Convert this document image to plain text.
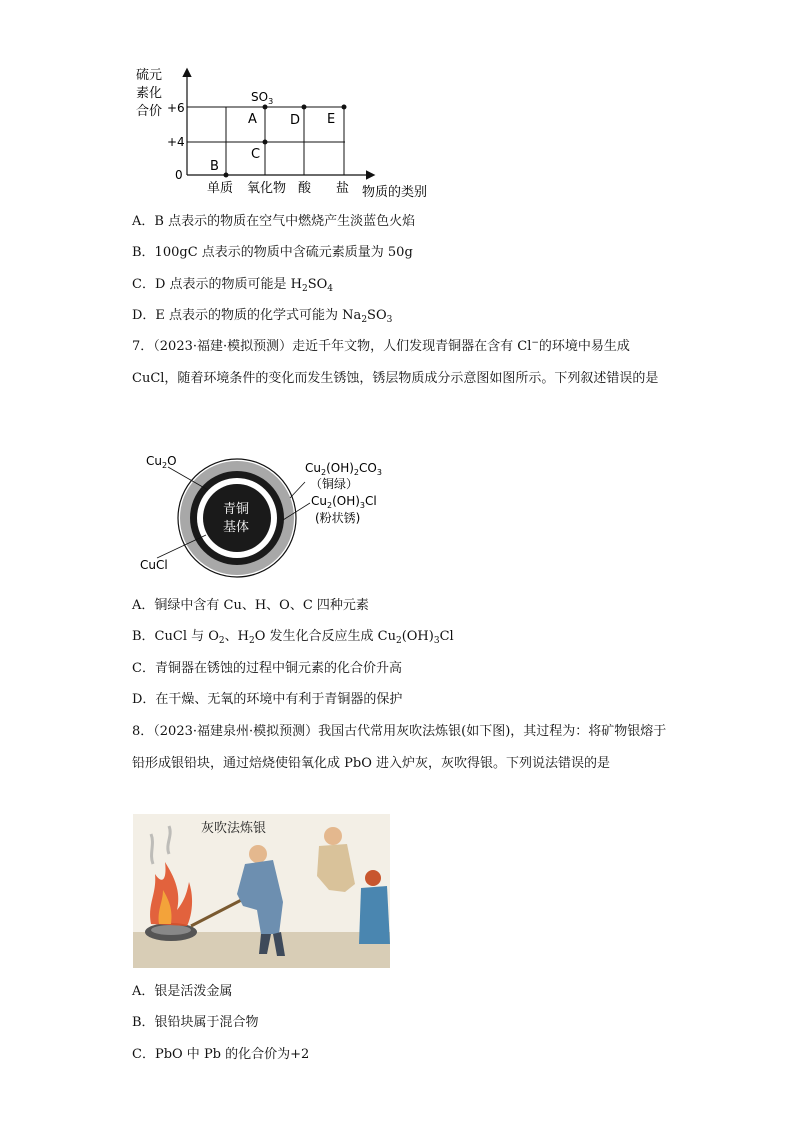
硫元
素化
合价 +6
+4
0
单质 氧化物 酸 盐 物质的类别
$SO_3$
A
B
C
D E
A．B 点表示的物质在空气中燃烧产生淡蓝色火焰
B．100gC 点表示的物质中含硫元素质量为 50g
C．D 点表示的物质可能是 $H_2SO_4$
D．E 点表示的物质的化学式可能为 $Na_2SO_3$
7．（2023·福建·模拟预测）走近千年文物，人们发现青铜器在含有 Cl−的环境中易生成 CuCl，随着环境条件的变化而发生锈蚀，锈层物质成分示意图如图所示。下列叙述错误的是
青铜
基体
$Cu_2O$
CuCl
$Cu_2(OH)_2CO_3$
（铜绿）
$Cu_2(OH)_3Cl$
(粉状锈)
A．铜绿中含有 Cu、H、O、C 四种元素
B．CuCl 与 $O_2$、$H_2O$ 发生化合反应生成 $Cu_2(OH)_3Cl$
C．青铜器在锈蚀的过程中铜元素的化合价升高
D．在干燥、无氧的环境中有利于青铜器的保护
8．（2023·福建泉州·模拟预测）我国古代常用灰吹法炼银(如下图)，其过程为：将矿物银熔于铅形成银铅块，通过焙烧使铅氧化成 PbO 进入炉灰，灰吹得银。下列说法错误的是
灰吹法炼银
A．银是活泼金属
B．银铅块属于混合物
C．PbO 中 Pb 的化合价为+2
